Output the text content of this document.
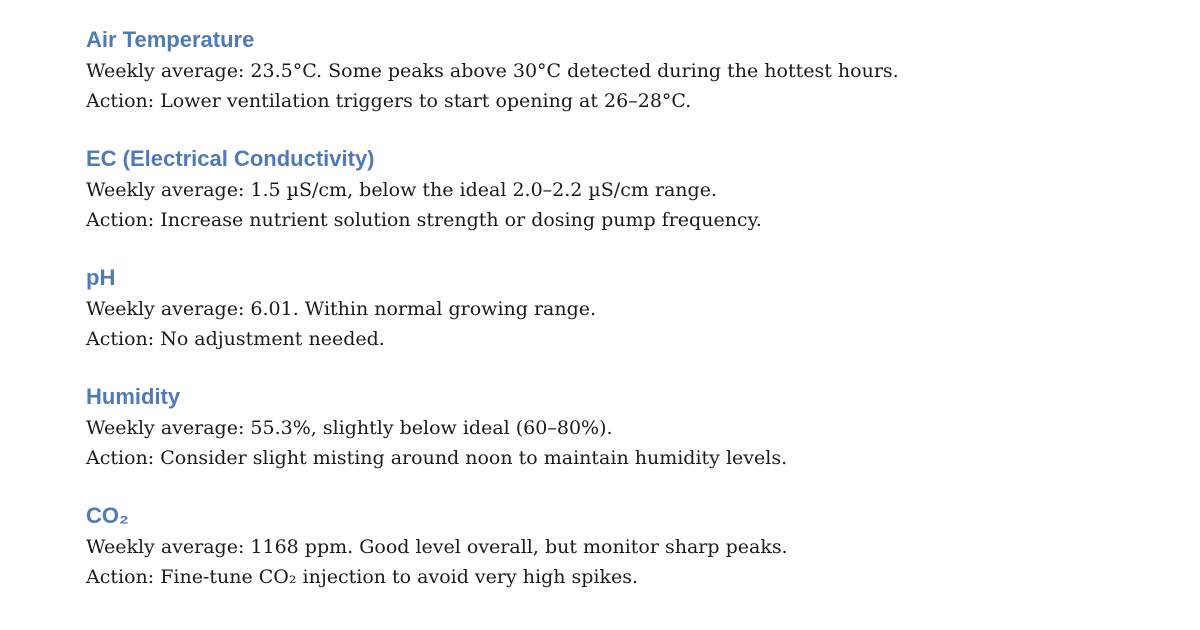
Air Temperature
Weekly average: 23.5°C. Some peaks above 30°C detected during the hottest hours.
Action: Lower ventilation triggers to start opening at 26–28°C.
EC (Electrical Conductivity)
Weekly average: 1.5 µS/cm, below the ideal 2.0–2.2 µS/cm range.
Action: Increase nutrient solution strength or dosing pump frequency.
pH
Weekly average: 6.01. Within normal growing range.
Action: No adjustment needed.
Humidity
Weekly average: 55.3%, slightly below ideal (60–80%).
Action: Consider slight misting around noon to maintain humidity levels.
CO₂
Weekly average: 1168 ppm. Good level overall, but monitor sharp peaks.
Action: Fine-tune CO₂ injection to avoid very high spikes.
